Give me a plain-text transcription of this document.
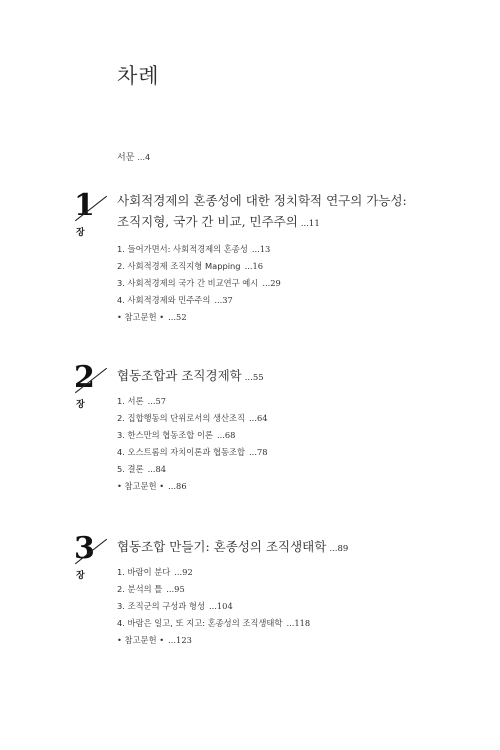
차례
서문 ...4
1
장
사회적경제의 혼종성에 대한 정치학적 연구의 가능성:
조직지형, 국가 간 비교, 민주주의 ...11
1. 들어가면서: 사회적경제의 혼종성 ...13
2. 사회적경제 조직지형 Mapping ...16
3. 사회적경제의 국가 간 비교연구 예시 ...29
4. 사회적경제와 민주주의 ...37
• 참고문헌 • ...52
2
장
협동조합과 조직경제학 ...55
1. 서론 ...57
2. 집합행동의 단위로서의 생산조직 ...64
3. 한스만의 협동조합 이론 ...68
4. 오스트롬의 자치이론과 협동조합 ...78
5. 결론 ...84
• 참고문헌 • ...86
3
장
협동조합 만들기: 혼종성의 조직생태학 ...89
1. 바람이 분다 ...92
2. 분석의 틀 ...95
3. 조직군의 구성과 형성 ...104
4. 바람은 일고, 또 지고: 혼종성의 조직생태학 ...118
• 참고문헌 • ...123
